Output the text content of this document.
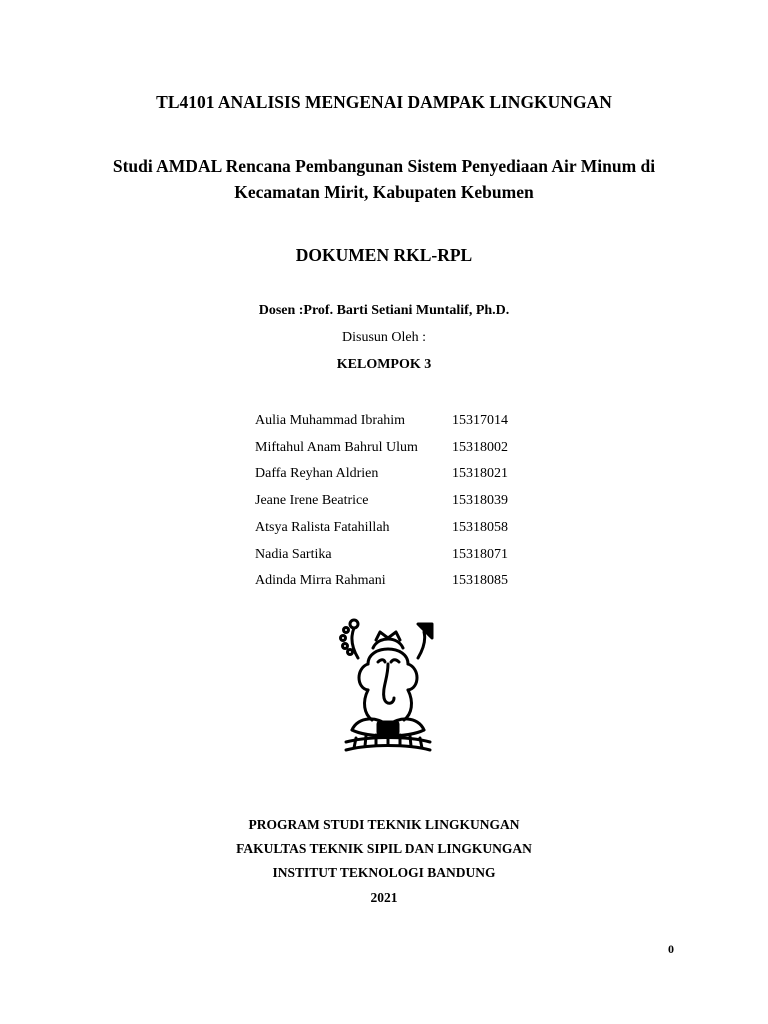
TL4101 ANALISIS MENGENAI DAMPAK LINGKUNGAN
Studi AMDAL Rencana Pembangunan Sistem Penyediaan Air Minum di
Kecamatan Mirit, Kabupaten Kebumen
DOKUMEN RKL-RPL
Dosen :Prof. Barti Setiani Muntalif, Ph.D.
Disusun Oleh :
KELOMPOK 3
Aulia Muhammad Ibrahim	15317014
Miftahul Anam Bahrul Ulum	15318002
Daffa Reyhan Aldrien	15318021
Jeane Irene Beatrice	15318039
Atsya Ralista Fatahillah	15318058
Nadia Sartika	15318071
Adinda Mirra Rahmani	15318085
PROGRAM STUDI TEKNIK LINGKUNGAN
FAKULTAS TEKNIK SIPIL DAN LINGKUNGAN
INSTITUT TEKNOLOGI BANDUNG
2021
0
